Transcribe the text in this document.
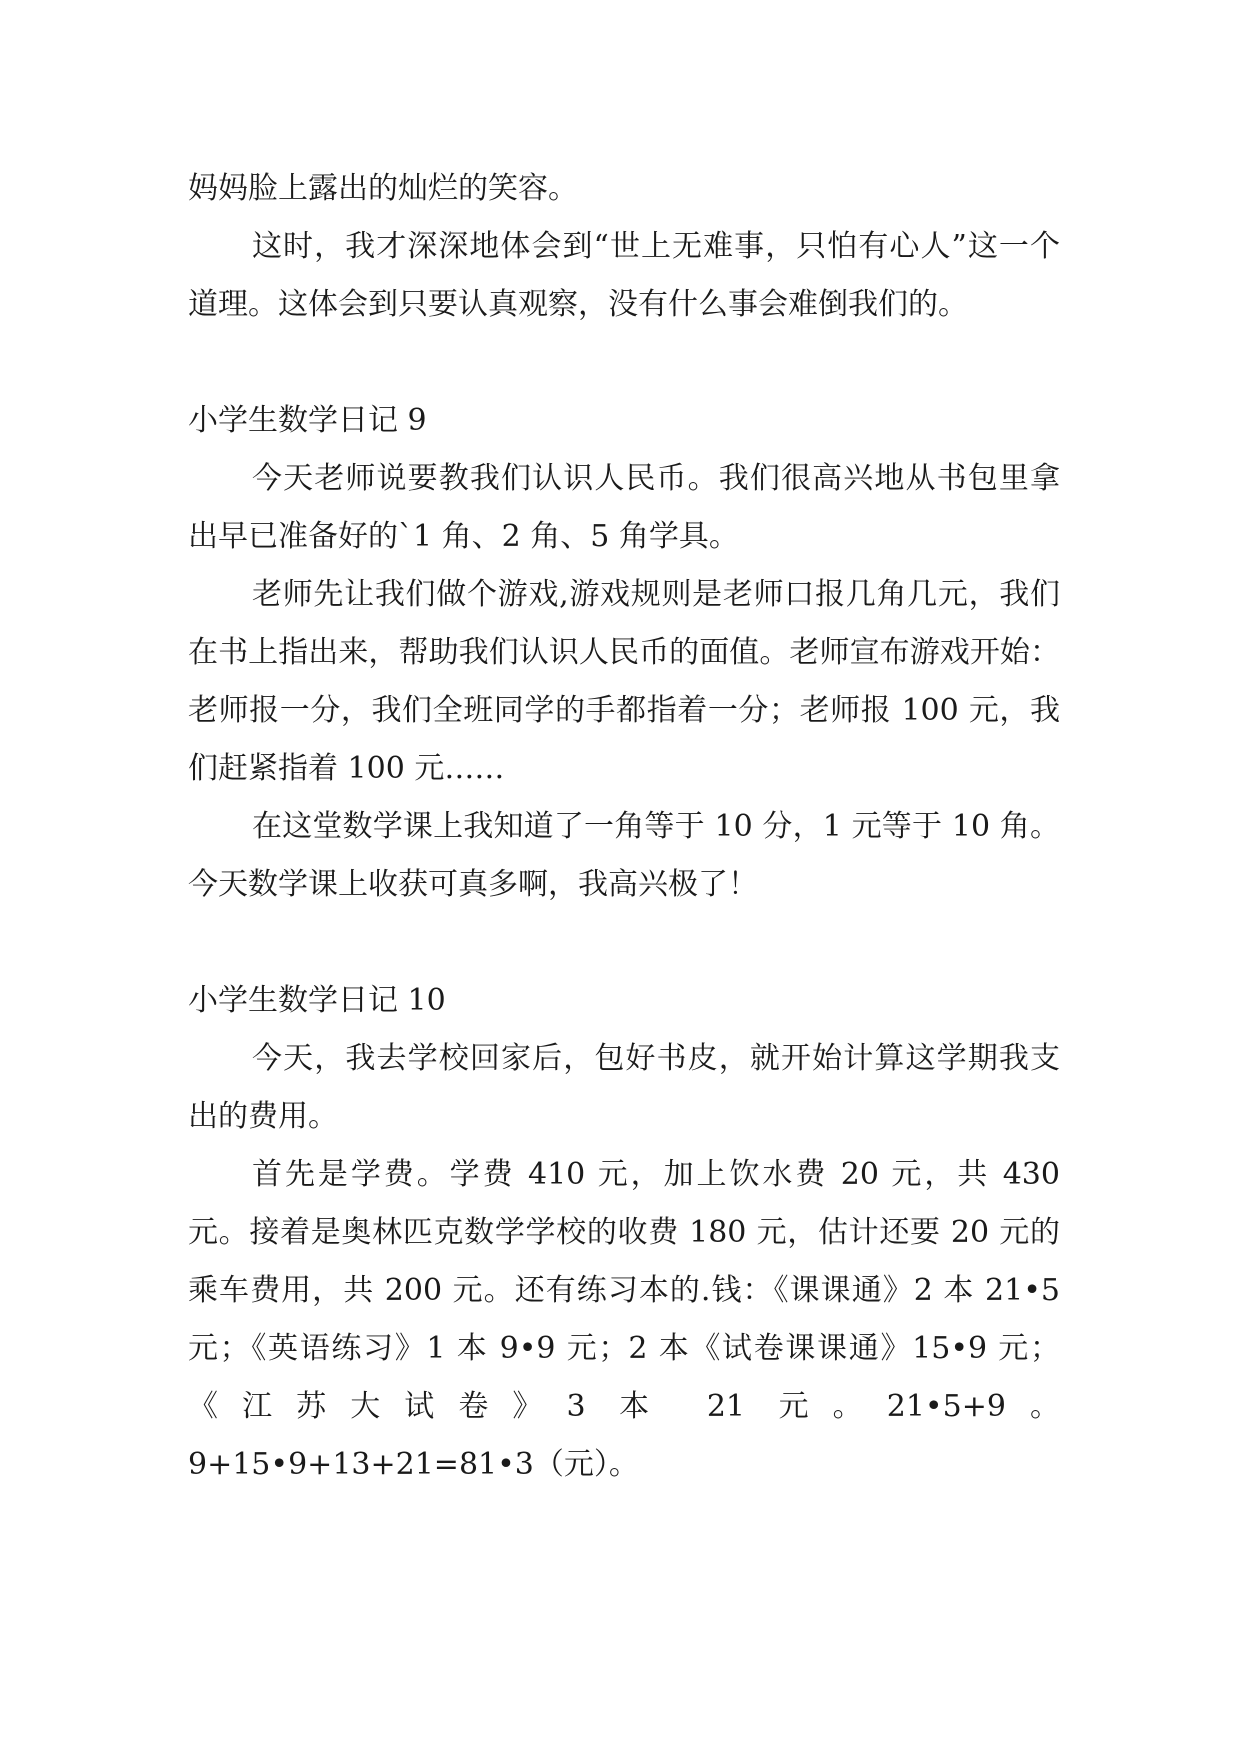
妈妈脸上露出的灿烂的笑容。

这时，我才深深地体会到“世上无难事，只怕有心人”这一个道理。这体会到只要认真观察，没有什么事会难倒我们的。

小学生数学日记 9

今天老师说要教我们认识人民币。我们很高兴地从书包里拿出早已准备好的`1 角、2 角、5 角学具。

老师先让我们做个游戏,游戏规则是老师口报几角几元，我们在书上指出来，帮助我们认识人民币的面值。老师宣布游戏开始：老师报一分，我们全班同学的手都指着一分；老师报 100 元，我们赶紧指着 100 元……

在这堂数学课上我知道了一角等于 10 分，1 元等于 10 角。今天数学课上收获可真多啊，我高兴极了！

小学生数学日记 10

今天，我去学校回家后，包好书皮，就开始计算这学期我支出的费用。

首先是学费。学费 410 元，加上饮水费 20 元，共 430 元。接着是奥林匹克数学学校的收费 180 元，估计还要 20 元的乘车费用，共 200 元。还有练习本的.钱：《课课通》2 本 21•5 元；《英语练习》1 本 9•9 元；2 本《试卷课课通》15•9 元；《江苏大试卷》3 本 21 元。21•5+9。9+15•9+13+21=81•3（元）。
